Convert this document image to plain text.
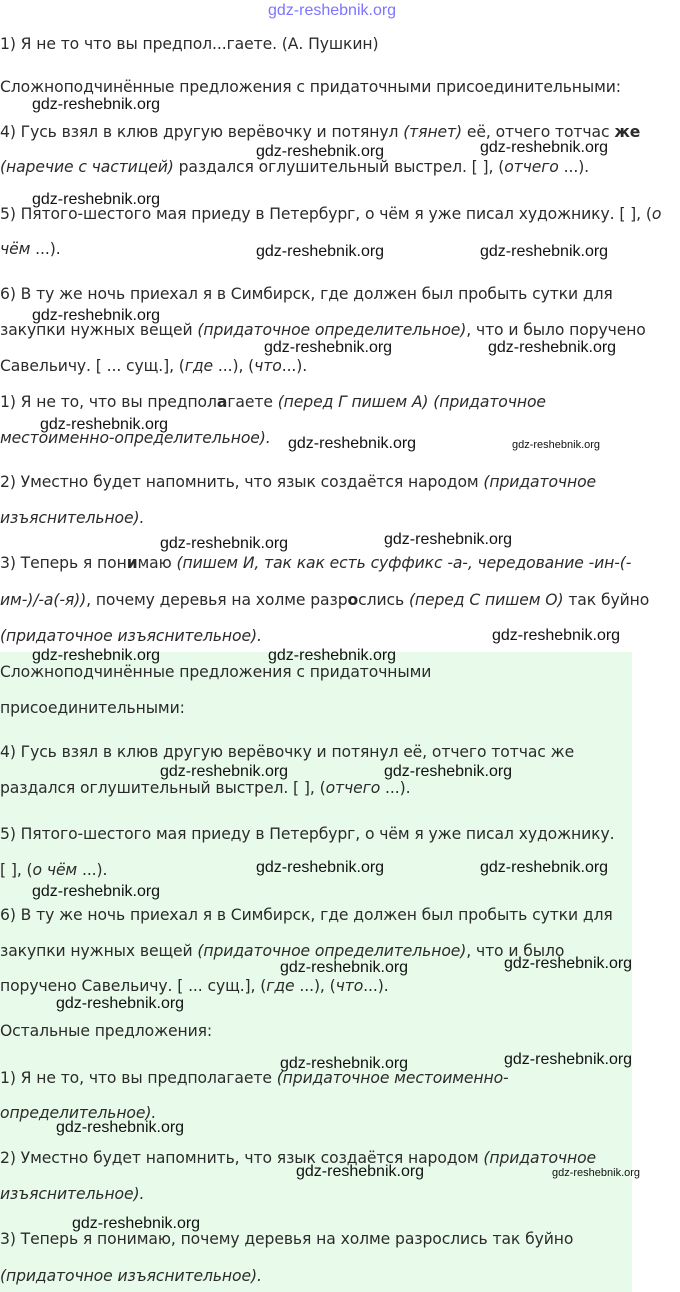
gdz-reshebnik.org
1) Я не то что вы предпол...гаете. (А. Пушкин)
Сложноподчинённые предложения с придаточными присоединительными:
4) Гусь взял в клюв другую верёвочку и потянул (тянет) её, отчего тотчас же
(наречие с частицей) раздался оглушительный выстрел. [ ], (отчего ...).
5) Пятого-шестого мая приеду в Петербург, о чём я уже писал художнику. [ ], (о
чём ...).
6) В ту же ночь приехал я в Симбирск, где должен был пробыть сутки для
закупки нужных вещей (придаточное определительное), что и было поручено
Савельичу. [ ... сущ.], (где ...), (что...).
1) Я не то, что вы предполагаете (перед Г пишем А) (придаточное
местоименно-определительное).
2) Уместно будет напомнить, что язык создаётся народом (придаточное
изъяснительное).
3) Теперь я понимаю (пишем И, так как есть суффикс -а-, чередование -ин-(-
им-)/-а(-я)), почему деревья на холме разрослись (перед С пишем О) так буйно
(придаточное изъяснительное).
Сложноподчинённые предложения с придаточными
присоединительными:
4) Гусь взял в клюв другую верёвочку и потянул её, отчего тотчас же
раздался оглушительный выстрел. [ ], (отчего ...).
5) Пятого-шестого мая приеду в Петербург, о чём я уже писал художнику.
[ ], (о чём ...).
6) В ту же ночь приехал я в Симбирск, где должен был пробыть сутки для
закупки нужных вещей (придаточное определительное), что и было
поручено Савельичу. [ ... сущ.], (где ...), (что...).
Остальные предложения:
1) Я не то, что вы предполагаете (придаточное местоименно-
определительное).
2) Уместно будет напомнить, что язык создаётся народом (придаточное
изъяснительное).
3) Теперь я понимаю, почему деревья на холме разрослись так буйно
(придаточное изъяснительное).
gdz-reshebnik.org
gdz-reshebnik.org
gdz-reshebnik.org
gdz-reshebnik.org
gdz-reshebnik.org	gdz-reshebnik.org
gdz-reshebnik.org
gdz-reshebnik.org	gdz-reshebnik.org
gdz-reshebnik.org
gdz-reshebnik.org	gdz-reshebnik.org
gdz-reshebnik.org
gdz-reshebnik.org
gdz-reshebnik.org
gdz-reshebnik.org	gdz-reshebnik.org
gdz-reshebnik.org	gdz-reshebnik.org
gdz-reshebnik.org	gdz-reshebnik.org
gdz-reshebnik.org
gdz-reshebnik.org	gdz-reshebnik.org
gdz-reshebnik.org
gdz-reshebnik.org	gdz-reshebnik.org
gdz-reshebnik.org
gdz-reshebnik.org	gdz-reshebnik.org
gdz-reshebnik.org
